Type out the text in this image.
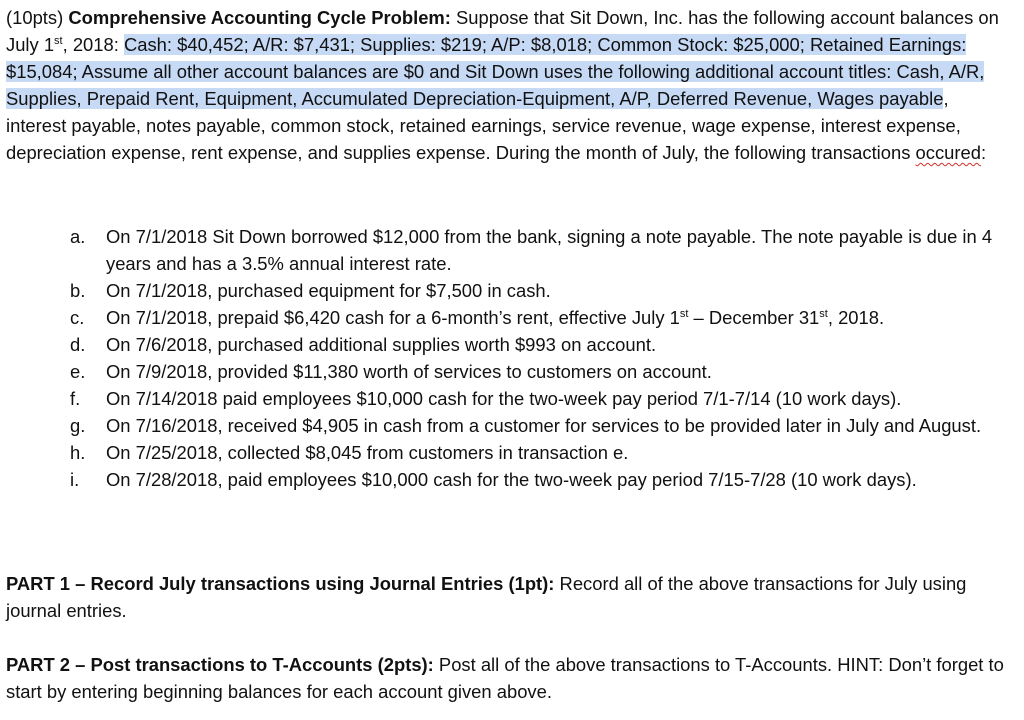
(10pts) Comprehensive Accounting Cycle Problem: Suppose that Sit Down, Inc. has the following account balances on July 1st, 2018: Cash: $40,452; A/R: $7,431; Supplies: $219; A/P: $8,018; Common Stock: $25,000; Retained Earnings: $15,084; Assume all other account balances are $0 and Sit Down uses the following additional account titles: Cash, A/R, Supplies, Prepaid Rent, Equipment, Accumulated Depreciation-Equipment, A/P, Deferred Revenue, Wages payable, interest payable, notes payable, common stock, retained earnings, service revenue, wage expense, interest expense, depreciation expense, rent expense, and supplies expense. During the month of July, the following transactions occured:

a.	On 7/1/2018 Sit Down borrowed $12,000 from the bank, signing a note payable. The note payable is due in 4 years and has a 3.5% annual interest rate.
b.	On 7/1/2018, purchased equipment for $7,500 in cash.
c.	On 7/1/2018, prepaid $6,420 cash for a 6-month’s rent, effective July 1st – December 31st, 2018.
d.	On 7/6/2018, purchased additional supplies worth $993 on account.
e.	On 7/9/2018, provided $11,380 worth of services to customers on account.
f.	On 7/14/2018 paid employees $10,000 cash for the two-week pay period 7/1-7/14 (10 work days).
g.	On 7/16/2018, received $4,905 in cash from a customer for services to be provided later in July and August.
h.	On 7/25/2018, collected $8,045 from customers in transaction e.
i.	On 7/28/2018, paid employees $10,000 cash for the two-week pay period 7/15-7/28 (10 work days).

PART 1 – Record July transactions using Journal Entries (1pt): Record all of the above transactions for July using journal entries.

PART 2 – Post transactions to T-Accounts (2pts): Post all of the above transactions to T-Accounts. HINT: Don’t forget to start by entering beginning balances for each account given above.
